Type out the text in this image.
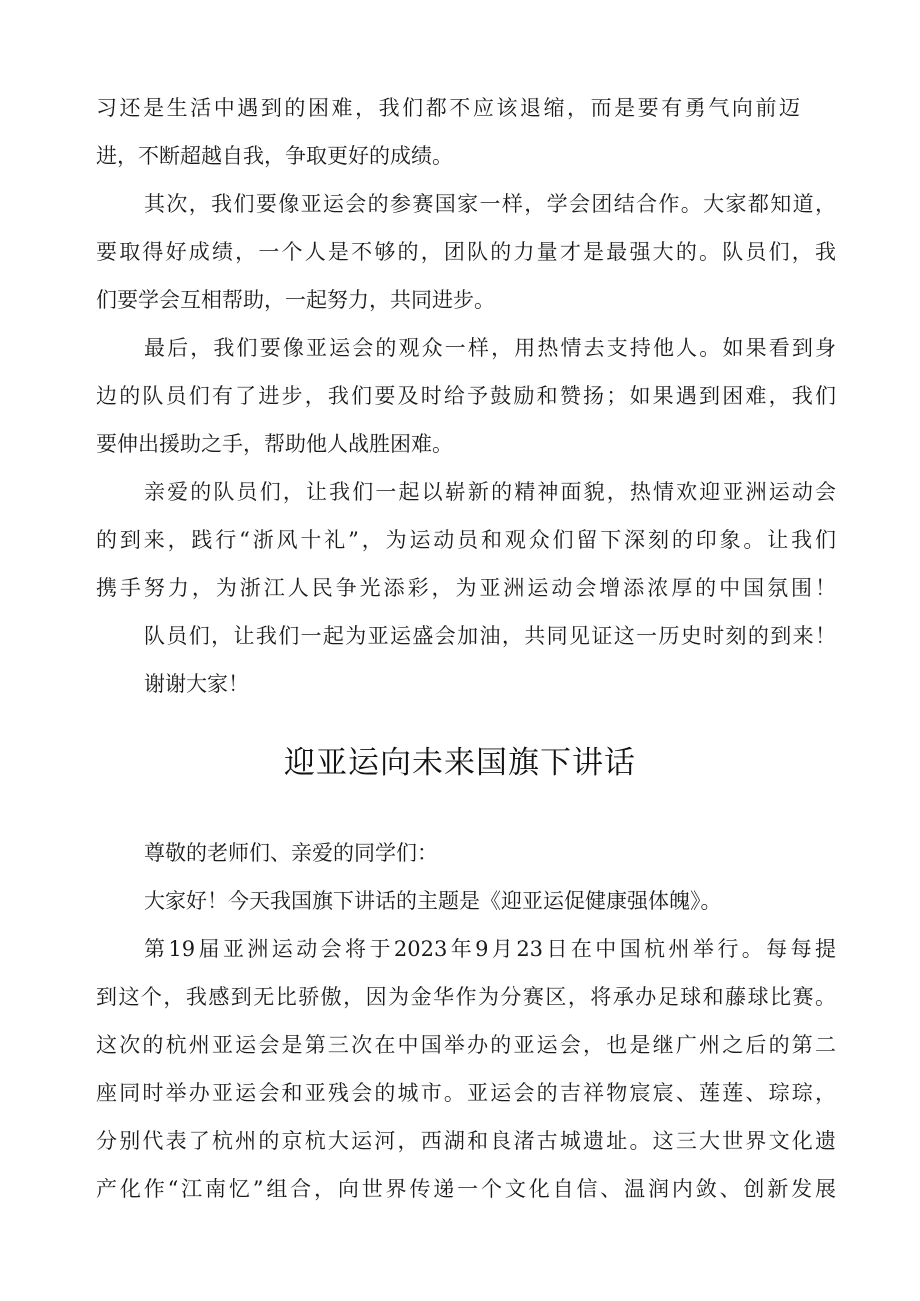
习还是生活中遇到的困难，我们都不应该退缩，而是要有勇气向前迈
进，不断超越自我，争取更好的成绩。
其次，我们要像亚运会的参赛国家一样，学会团结合作。大家都知道，
要取得好成绩，一个人是不够的，团队的力量才是最强大的。队员们，我
们要学会互相帮助，一起努力，共同进步。
最后，我们要像亚运会的观众一样，用热情去支持他人。如果看到身
边的队员们有了进步，我们要及时给予鼓励和赞扬；如果遇到困难，我们
要伸出援助之手，帮助他人战胜困难。
亲爱的队员们，让我们一起以崭新的精神面貌，热情欢迎亚洲运动会
的到来，践行“浙风十礼”，为运动员和观众们留下深刻的印象。让我们
携手努力，为浙江人民争光添彩，为亚洲运动会增添浓厚的中国氛围！
队员们，让我们一起为亚运盛会加油，共同见证这一历史时刻的到来！
谢谢大家！
尊敬的老师们、亲爱的同学们：
大家好！今天我国旗下讲话的主题是《迎亚运促健康强体魄》。
第19届亚洲运动会将于2023年9月23日在中国杭州举行。每每提
到这个，我感到无比骄傲，因为金华作为分赛区，将承办足球和藤球比赛。
这次的杭州亚运会是第三次在中国举办的亚运会，也是继广州之后的第二
座同时举办亚运会和亚残会的城市。亚运会的吉祥物宸宸、莲莲、琮琮，
分别代表了杭州的京杭大运河，西湖和良渚古城遗址。这三大世界文化遗
产化作“江南忆”组合，向世界传递一个文化自信、温润内敛、创新发展
迎亚运向未来国旗下讲话
